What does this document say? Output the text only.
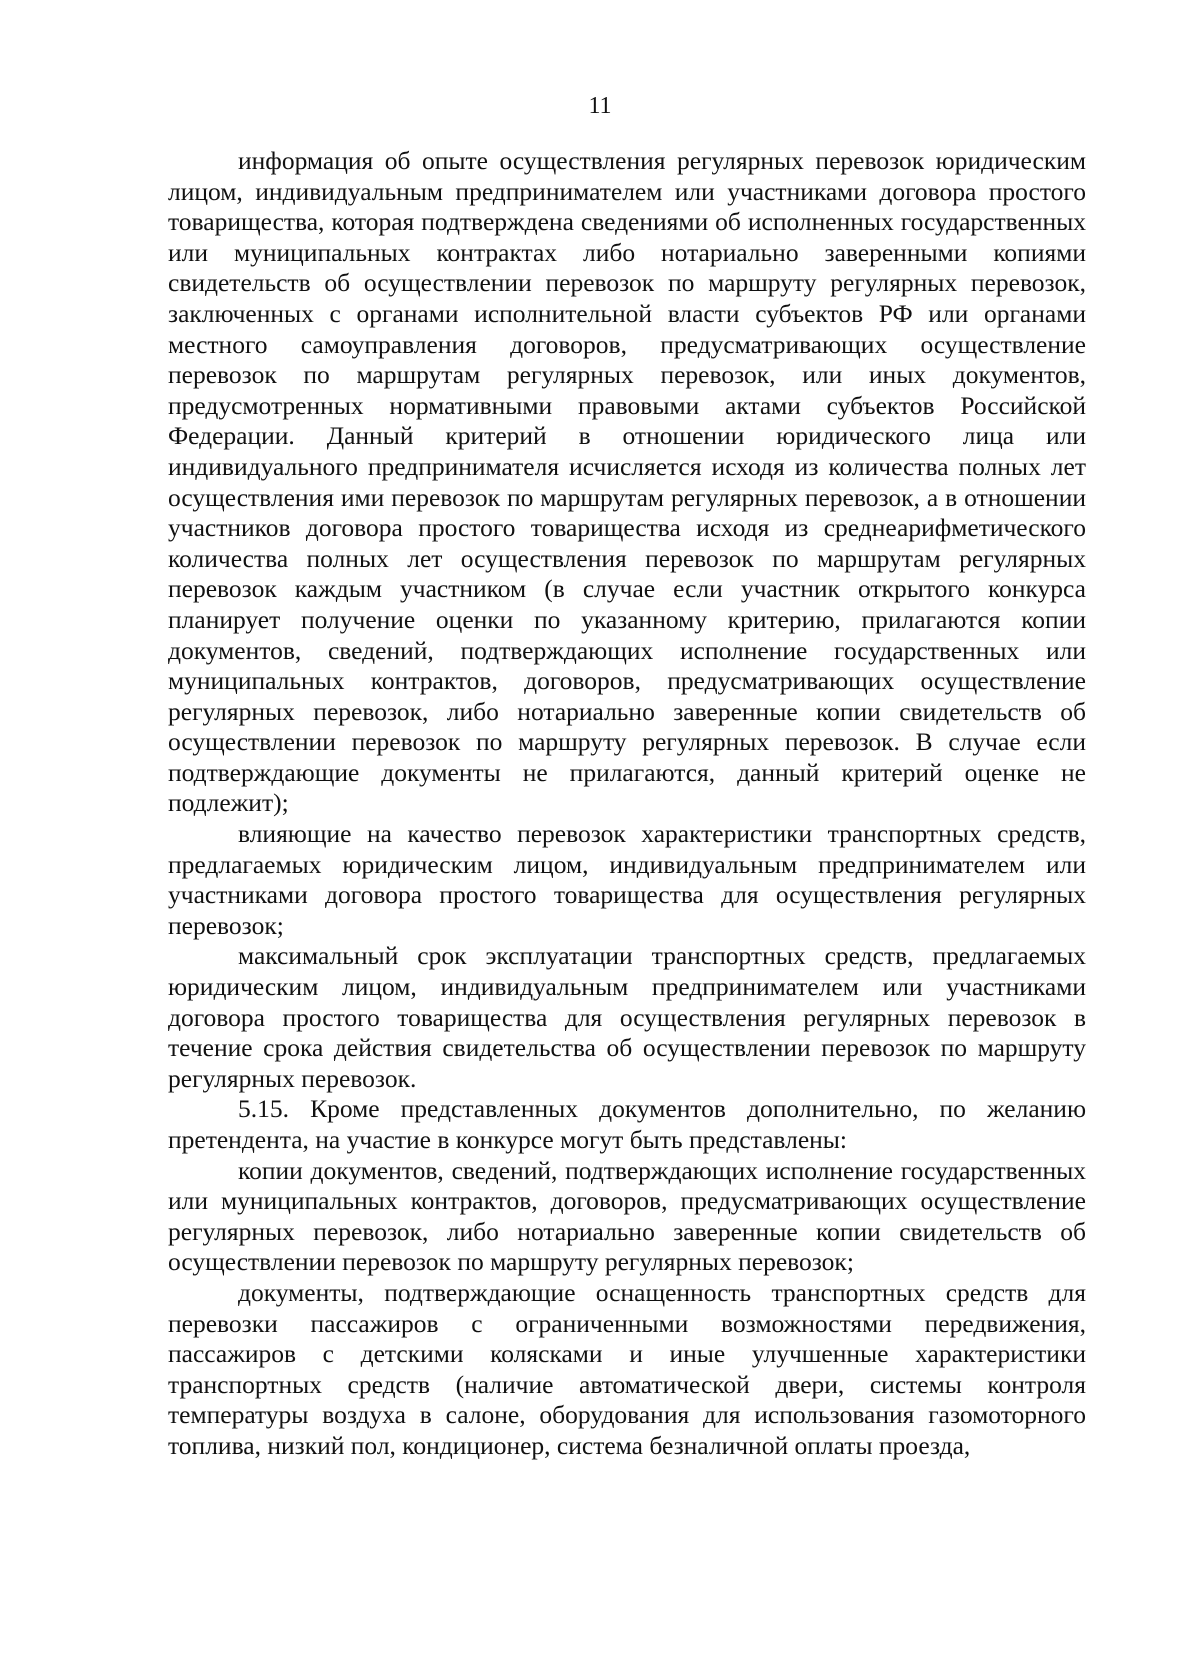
11

информация об опыте осуществления регулярных перевозок юридическим лицом, индивидуальным предпринимателем или участниками договора простого товарищества, которая подтверждена сведениями об исполненных государственных или муниципальных контрактах либо нотариально заверенными копиями свидетельств об осуществлении перевозок по маршруту регулярных перевозок, заключенных с органами исполнительной власти субъектов РФ или органами местного самоуправления договоров, предусматривающих осуществление перевозок по маршрутам регулярных перевозок, или иных документов, предусмотренных нормативными правовыми актами субъектов Российской Федерации. Данный критерий в отношении юридического лица или индивидуального предпринимателя исчисляется исходя из количества полных лет осуществления ими перевозок по маршрутам регулярных перевозок, а в отношении участников договора простого товарищества исходя из среднеарифметического количества полных лет осуществления перевозок по маршрутам регулярных перевозок каждым участником (в случае если участник открытого конкурса планирует получение оценки по указанному критерию, прилагаются копии документов, сведений, подтверждающих исполнение государственных или муниципальных контрактов, договоров, предусматривающих осуществление регулярных перевозок, либо нотариально заверенные копии свидетельств об осуществлении перевозок по маршруту регулярных перевозок. В случае если подтверждающие документы не прилагаются, данный критерий оценке не подлежит);

влияющие на качество перевозок характеристики транспортных средств, предлагаемых юридическим лицом, индивидуальным предпринимателем или участниками договора простого товарищества для осуществления регулярных перевозок;

максимальный срок эксплуатации транспортных средств, предлагаемых юридическим лицом, индивидуальным предпринимателем или участниками договора простого товарищества для осуществления регулярных перевозок в течение срока действия свидетельства об осуществлении перевозок по маршруту регулярных перевозок.

5.15. Кроме представленных документов дополнительно, по желанию претендента, на участие в конкурсе могут быть представлены:

копии документов, сведений, подтверждающих исполнение государственных или муниципальных контрактов, договоров, предусматривающих осуществление регулярных перевозок, либо нотариально заверенные копии свидетельств об осуществлении перевозок по маршруту регулярных перевозок;

документы, подтверждающие оснащенность транспортных средств для перевозки пассажиров с ограниченными возможностями передвижения, пассажиров с детскими колясками и иные улучшенные характеристики транспортных средств (наличие автоматической двери, системы контроля температуры воздуха в салоне, оборудования для использования газомоторного топлива, низкий пол, кондиционер, система безналичной оплаты проезда,
